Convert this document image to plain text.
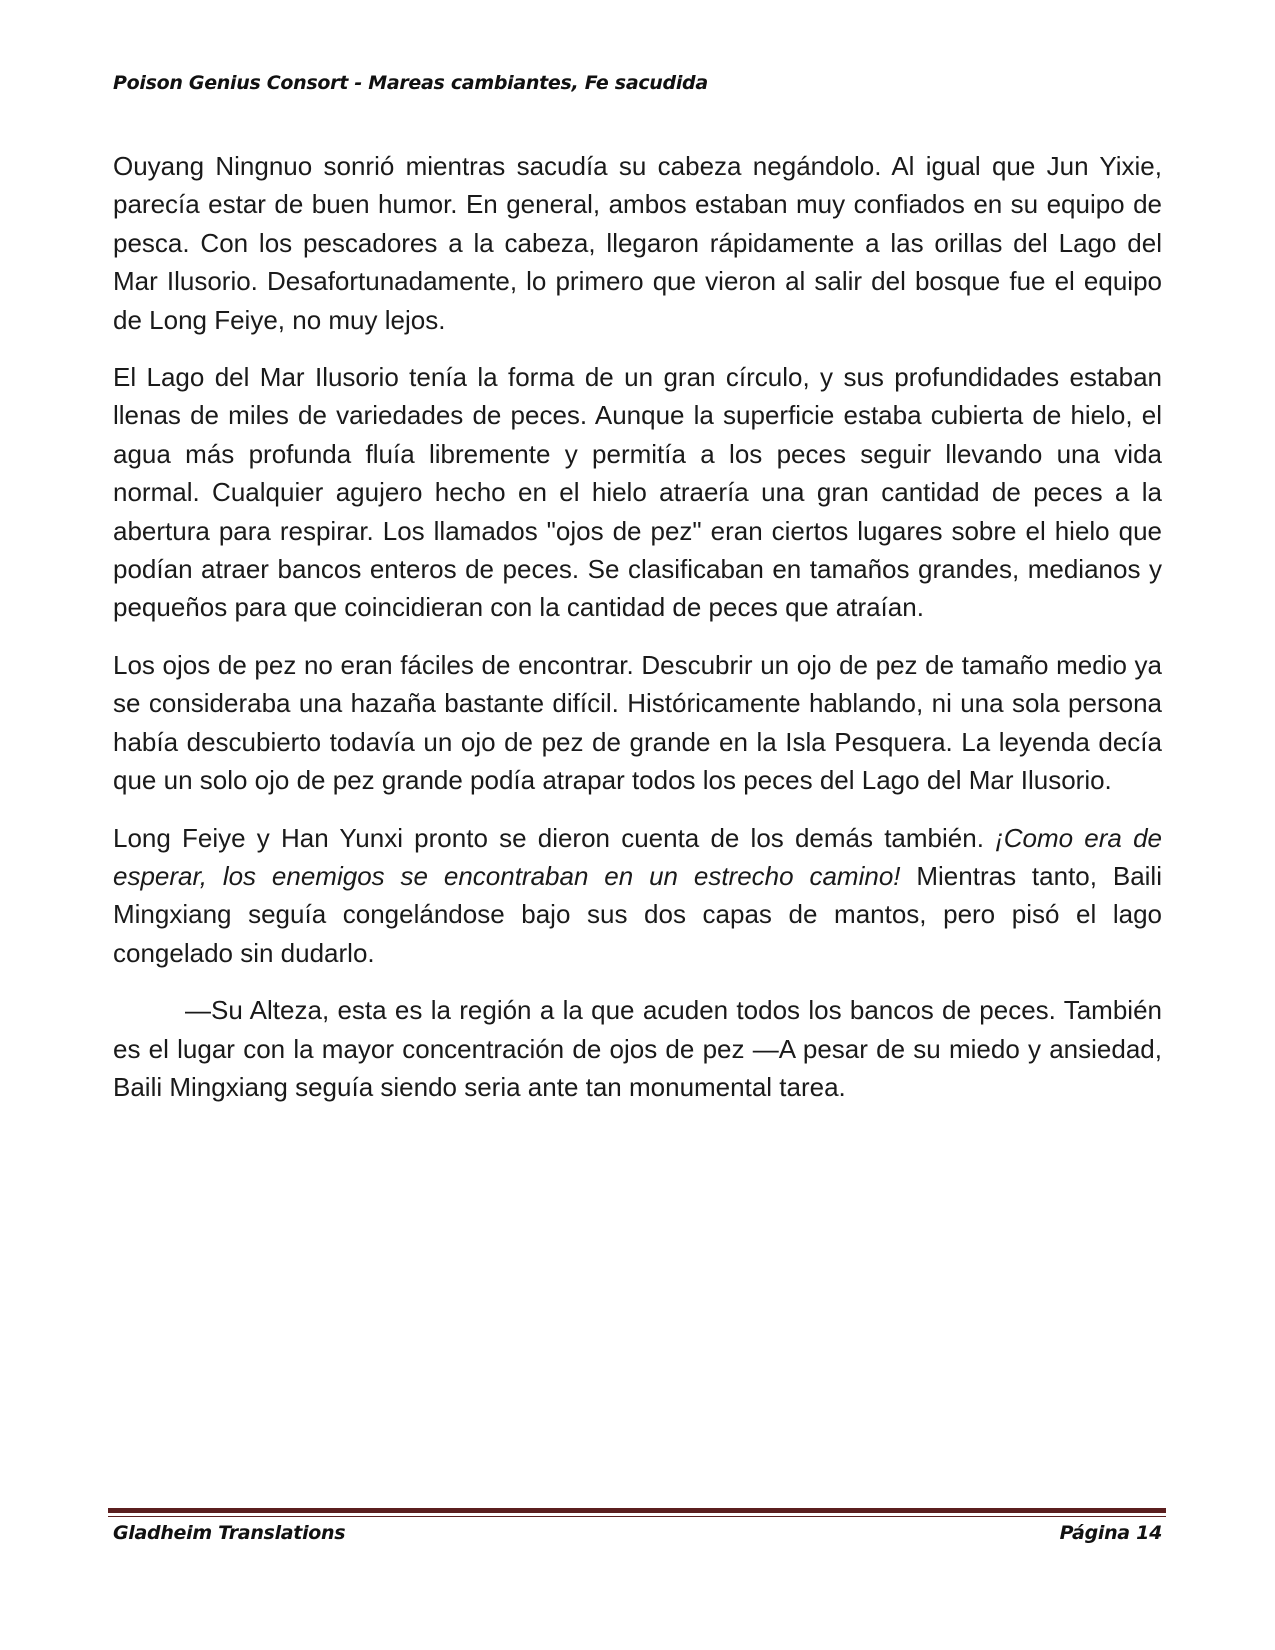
Poison Genius Consort - Mareas cambiantes, Fe sacudida

Ouyang Ningnuo sonrió mientras sacudía su cabeza negándolo. Al igual que Jun Yixie, parecía estar de buen humor. En general, ambos estaban muy confiados en su equipo de pesca. Con los pescadores a la cabeza, llegaron rápidamente a las orillas del Lago del Mar Ilusorio. Desafortunadamente, lo primero que vieron al salir del bosque fue el equipo de Long Feiye, no muy lejos.

El Lago del Mar Ilusorio tenía la forma de un gran círculo, y sus profundidades estaban llenas de miles de variedades de peces. Aunque la superficie estaba cubierta de hielo, el agua más profunda fluía libremente y permitía a los peces seguir llevando una vida normal. Cualquier agujero hecho en el hielo atraería una gran cantidad de peces a la abertura para respirar. Los llamados "ojos de pez" eran ciertos lugares sobre el hielo que podían atraer bancos enteros de peces. Se clasificaban en tamaños grandes, medianos y pequeños para que coincidieran con la cantidad de peces que atraían.

Los ojos de pez no eran fáciles de encontrar. Descubrir un ojo de pez de tamaño medio ya se consideraba una hazaña bastante difícil. Históricamente hablando, ni una sola persona había descubierto todavía un ojo de pez de grande en la Isla Pesquera. La leyenda decía que un solo ojo de pez grande podía atrapar todos los peces del Lago del Mar Ilusorio.

Long Feiye y Han Yunxi pronto se dieron cuenta de los demás también. ¡Como era de esperar, los enemigos se encontraban en un estrecho camino! Mientras tanto, Baili Mingxiang seguía congelándose bajo sus dos capas de mantos, pero pisó el lago congelado sin dudarlo.

—Su Alteza, esta es la región a la que acuden todos los bancos de peces. También es el lugar con la mayor concentración de ojos de pez —A pesar de su miedo y ansiedad, Baili Mingxiang seguía siendo seria ante tan monumental tarea.

Gladheim Translations	Página 14
